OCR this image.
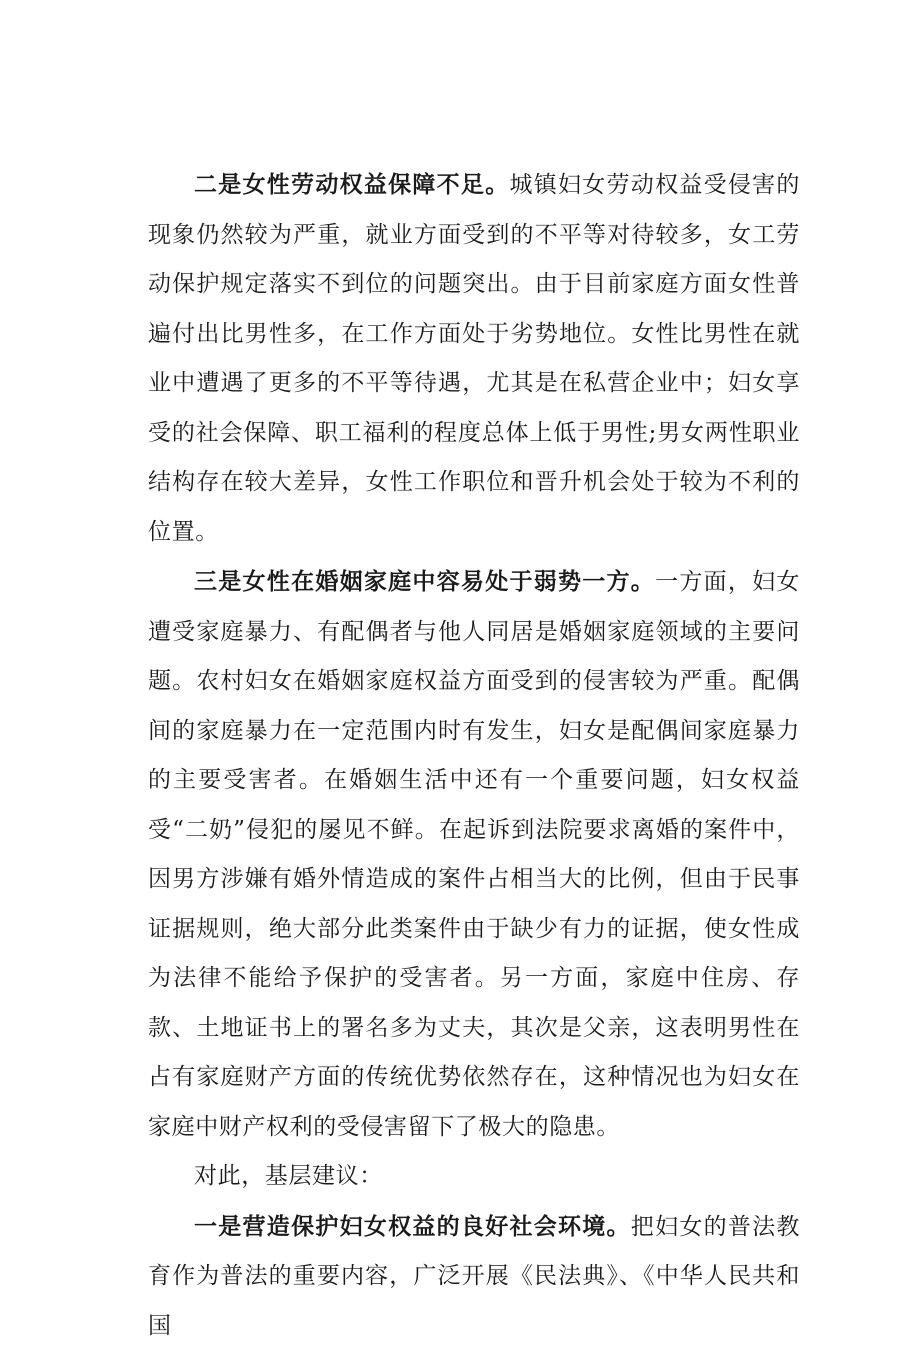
二是女性劳动权益保障不足。城镇妇女劳动权益受侵害的现象仍然较为严重，就业方面受到的不平等对待较多，女工劳动保护规定落实不到位的问题突出。由于目前家庭方面女性普遍付出比男性多，在工作方面处于劣势地位。女性比男性在就业中遭遇了更多的不平等待遇，尤其是在私营企业中；妇女享受的社会保障、职工福利的程度总体上低于男性;男女两性职业结构存在较大差异，女性工作职位和晋升机会处于较为不利的位置。

三是女性在婚姻家庭中容易处于弱势一方。一方面，妇女遭受家庭暴力、有配偶者与他人同居是婚姻家庭领域的主要问题。农村妇女在婚姻家庭权益方面受到的侵害较为严重。配偶间的家庭暴力在一定范围内时有发生，妇女是配偶间家庭暴力的主要受害者。在婚姻生活中还有一个重要问题，妇女权益受“二奶”侵犯的屡见不鲜。在起诉到法院要求离婚的案件中，因男方涉嫌有婚外情造成的案件占相当大的比例，但由于民事证据规则，绝大部分此类案件由于缺少有力的证据，使女性成为法律不能给予保护的受害者。另一方面，家庭中住房、存款、土地证书上的署名多为丈夫，其次是父亲，这表明男性在占有家庭财产方面的传统优势依然存在，这种情况也为妇女在家庭中财产权利的受侵害留下了极大的隐患。

对此，基层建议：

一是营造保护妇女权益的良好社会环境。把妇女的普法教育作为普法的重要内容，广泛开展《民法典》、《中华人民共和国
